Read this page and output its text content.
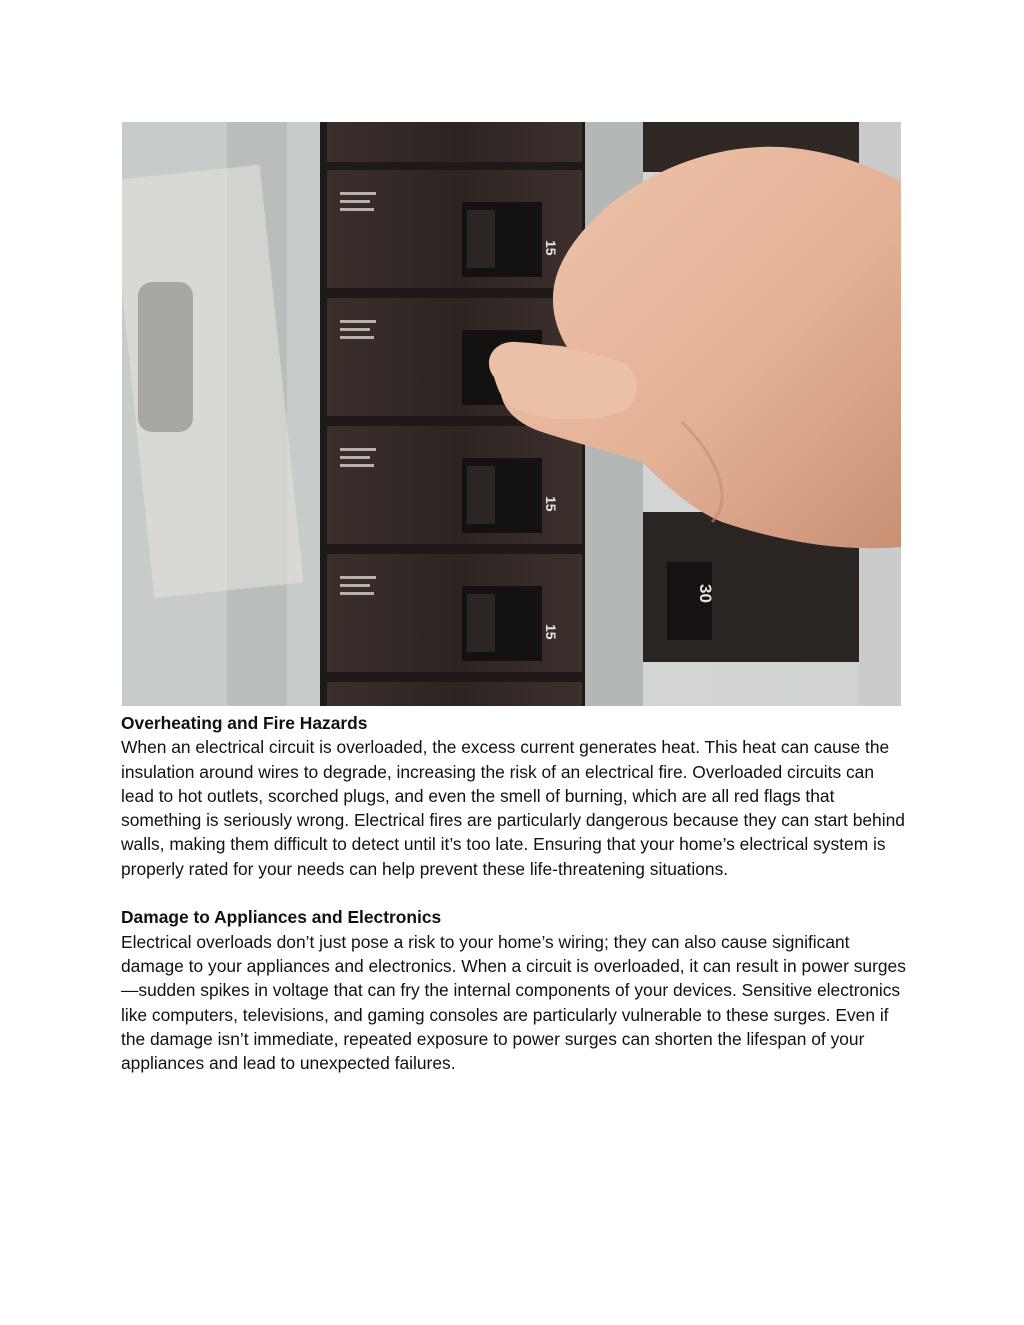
15
15
15
30
Overheating and Fire Hazards

When an electrical circuit is overloaded, the excess current generates heat. This heat can cause the insulation around wires to degrade, increasing the risk of an electrical fire. Overloaded circuits can lead to hot outlets, scorched plugs, and even the smell of burning, which are all red flags that something is seriously wrong. Electrical fires are particularly dangerous because they can start behind walls, making them difficult to detect until it’s too late. Ensuring that your home’s electrical system is properly rated for your needs can help prevent these life-threatening situations.

Damage to Appliances and Electronics

Electrical overloads don’t just pose a risk to your home’s wiring; they can also cause significant damage to your appliances and electronics. When a circuit is overloaded, it can result in power surges—sudden spikes in voltage that can fry the internal components of your devices. Sensitive electronics like computers, televisions, and gaming consoles are particularly vulnerable to these surges. Even if the damage isn’t immediate, repeated exposure to power surges can shorten the lifespan of your appliances and lead to unexpected failures.
